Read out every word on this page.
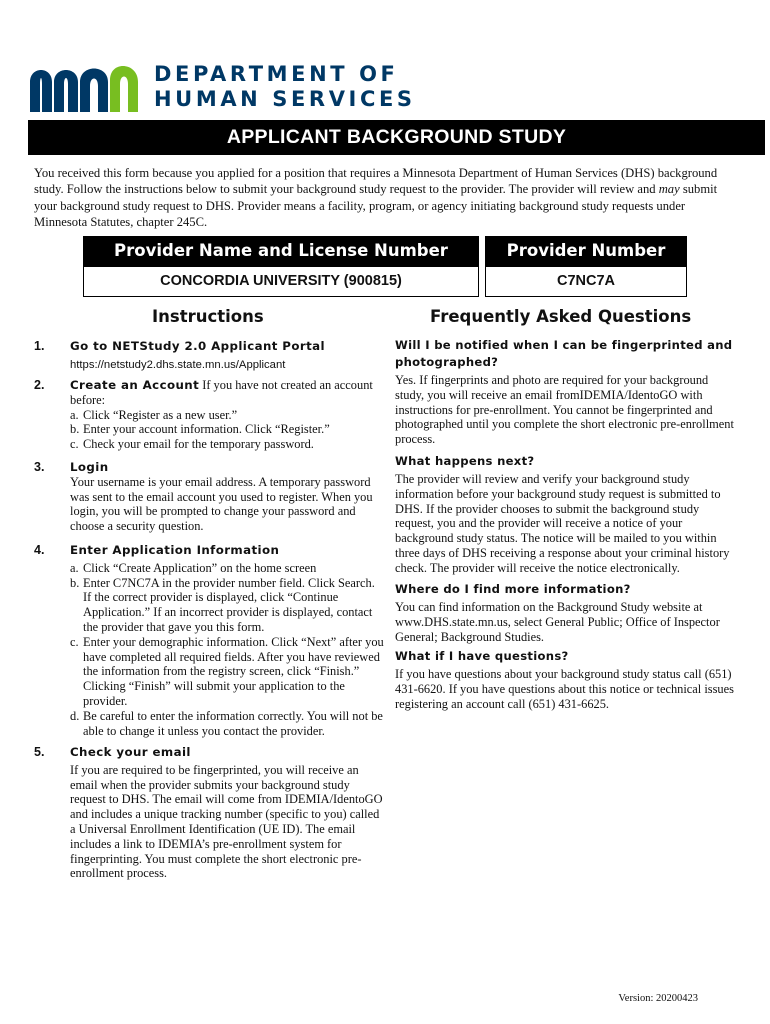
DEPARTMENT OF
HUMAN SERVICES
APPLICANT BACKGROUND STUDY

You received this form because you applied for a position that requires a Minnesota Department of Human Services (DHS) background study. Follow the instructions below to submit your background study request to the provider. The provider will review and may submit your background study request to DHS. Provider means a facility, program, or agency initiating background study requests under Minnesota Statutes, chapter 245C.

Provider Name and License Number	Provider Number
CONCORDIA UNIVERSITY (900815)	C7NC7A
Instructions	Frequently Asked Questions
1. Go to NETStudy 2.0 Applicant Portal
https://netstudy2.dhs.state.mn.us/Applicant
2. Create an Account If you have not created an account before:
a. Click “Register as a new user.”
b. Enter your account information. Click “Register.”
c. Check your email for the temporary password.
3. Login
Your username is your email address. A temporary password was sent to the email account you used to register. When you login, you will be prompted to change your password and choose a security question.
4. Enter Application Information
a. Click “Create Application” on the home screen
b. Enter C7NC7A in the provider number field. Click Search. If the correct provider is displayed, click “Continue Application.” If an incorrect provider is displayed, contact the provider that gave you this form.
c. Enter your demographic information. Click “Next” after you have completed all required fields. After you have reviewed the information from the registry screen, click “Finish.” Clicking “Finish” will submit your application to the provider.
d. Be careful to enter the information correctly. You will not be able to change it unless you contact the provider.
5. Check your email
If you are required to be fingerprinted, you will receive an email when the provider submits your background study request to DHS. The email will come from IDEMIA/IdentoGO and includes a unique tracking number (specific to you) called a Universal Enrollment Identification (UE ID). The email includes a link to IDEMIA’s pre-enrollment system for fingerprinting. You must complete the short electronic pre-enrollment process.
Will I be notified when I can be fingerprinted and photographed?
Yes. If fingerprints and photo are required for your background study, you will receive an email fromIDEMIA/IdentoGO with instructions for pre-enrollment. You cannot be fingerprinted and photographed until you complete the short electronic pre-enrollment process.
What happens next?
The provider will review and verify your background study information before your background study request is submitted to DHS. If the provider chooses to submit the background study request, you and the provider will receive a notice of your background study status. The notice will be mailed to you within three days of DHS receiving a response about your criminal history check. The provider will receive the notice electronically.
Where do I find more information?
You can find information on the Background Study website at www.DHS.state.mn.us, select General Public; Office of Inspector General; Background Studies.
What if I have questions?
If you have questions about your background study status call (651) 431-6620. If you have questions about this notice or technical issues registering an account call (651) 431-6625.
Version: 20200423
